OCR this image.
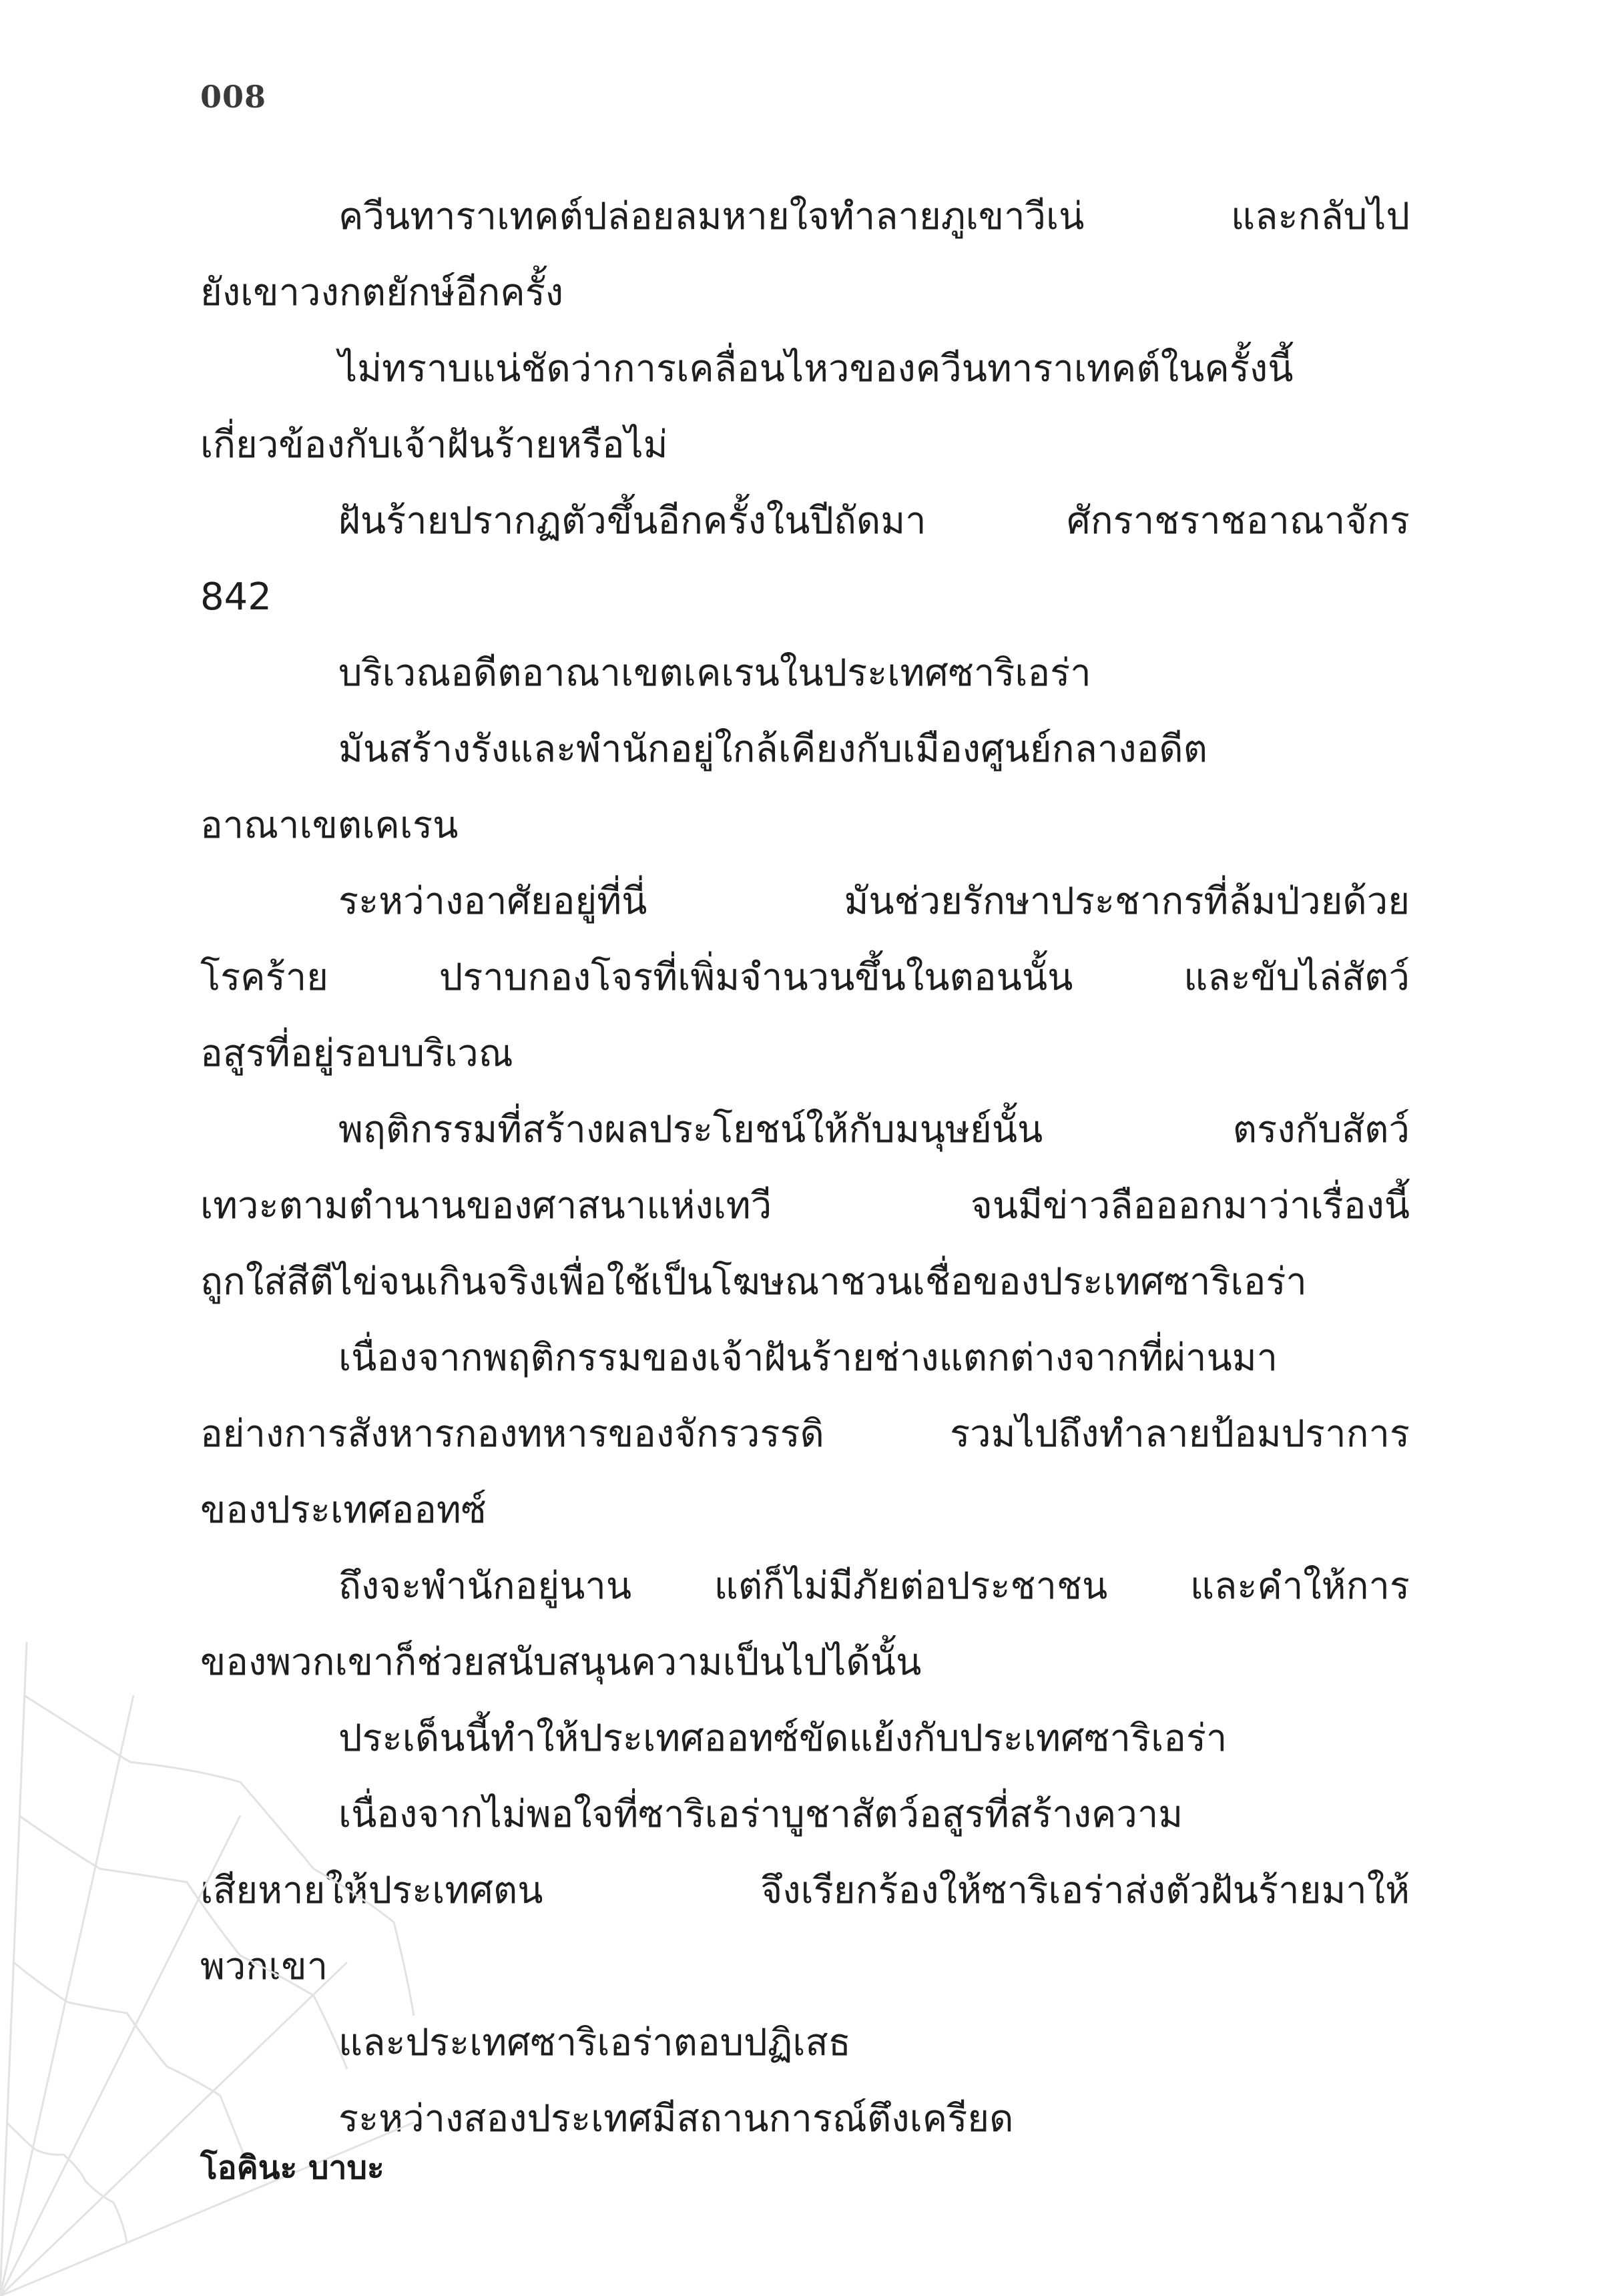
008
ควีนทาราเทคต์ปล่อยลมหายใจทำลายภูเขาวีเน่ และกลับไป
ยังเขาวงกตยักษ์อีกครั้ง
ไม่ทราบแน่ชัดว่าการเคลื่อนไหวของควีนทาราเทคต์ในครั้งนี้
เกี่ยวข้องกับเจ้าฝันร้ายหรือไม่
ฝันร้ายปรากฏตัวขึ้นอีกครั้งในปีถัดมา ศักราชราชอาณาจักร
842
บริเวณอดีตอาณาเขตเคเรนในประเทศซาริเอร่า
มันสร้างรังและพำนักอยู่ใกล้เคียงกับเมืองศูนย์กลางอดีต
อาณาเขตเคเรน
ระหว่างอาศัยอยู่ที่นี่ มันช่วยรักษาประชากรที่ล้มป่วยด้วย
โรคร้าย ปราบกองโจรที่เพิ่มจำนวนขึ้นในตอนนั้น และขับไล่สัตว์
อสูรที่อยู่รอบบริเวณ
พฤติกรรมที่สร้างผลประโยชน์ให้กับมนุษย์นั้น ตรงกับสัตว์
เทวะตามตำนานของศาสนาแห่งเทวี จนมีข่าวลือออกมาว่าเรื่องนี้
ถูกใส่สีตีไข่จนเกินจริงเพื่อใช้เป็นโฆษณาชวนเชื่อของประเทศซาริเอร่า
เนื่องจากพฤติกรรมของเจ้าฝันร้ายช่างแตกต่างจากที่ผ่านมา
อย่างการสังหารกองทหารของจักรวรรดิ รวมไปถึงทำลายป้อมปราการ
ของประเทศออทซ์
ถึงจะพำนักอยู่นาน แต่ก็ไม่มีภัยต่อประชาชน และคำให้การ
ของพวกเขาก็ช่วยสนับสนุนความเป็นไปได้นั้น
ประเด็นนี้ทำให้ประเทศออทซ์ขัดแย้งกับประเทศซาริเอร่า
เนื่องจากไม่พอใจที่ซาริเอร่าบูชาสัตว์อสูรที่สร้างความ
เสียหายให้ประเทศตน จึงเรียกร้องให้ซาริเอร่าส่งตัวฝันร้ายมาให้
พวกเขา
และประเทศซาริเอร่าตอบปฏิเสธ
ระหว่างสองประเทศมีสถานการณ์ตึงเครียด
โอคินะ บาบะ
